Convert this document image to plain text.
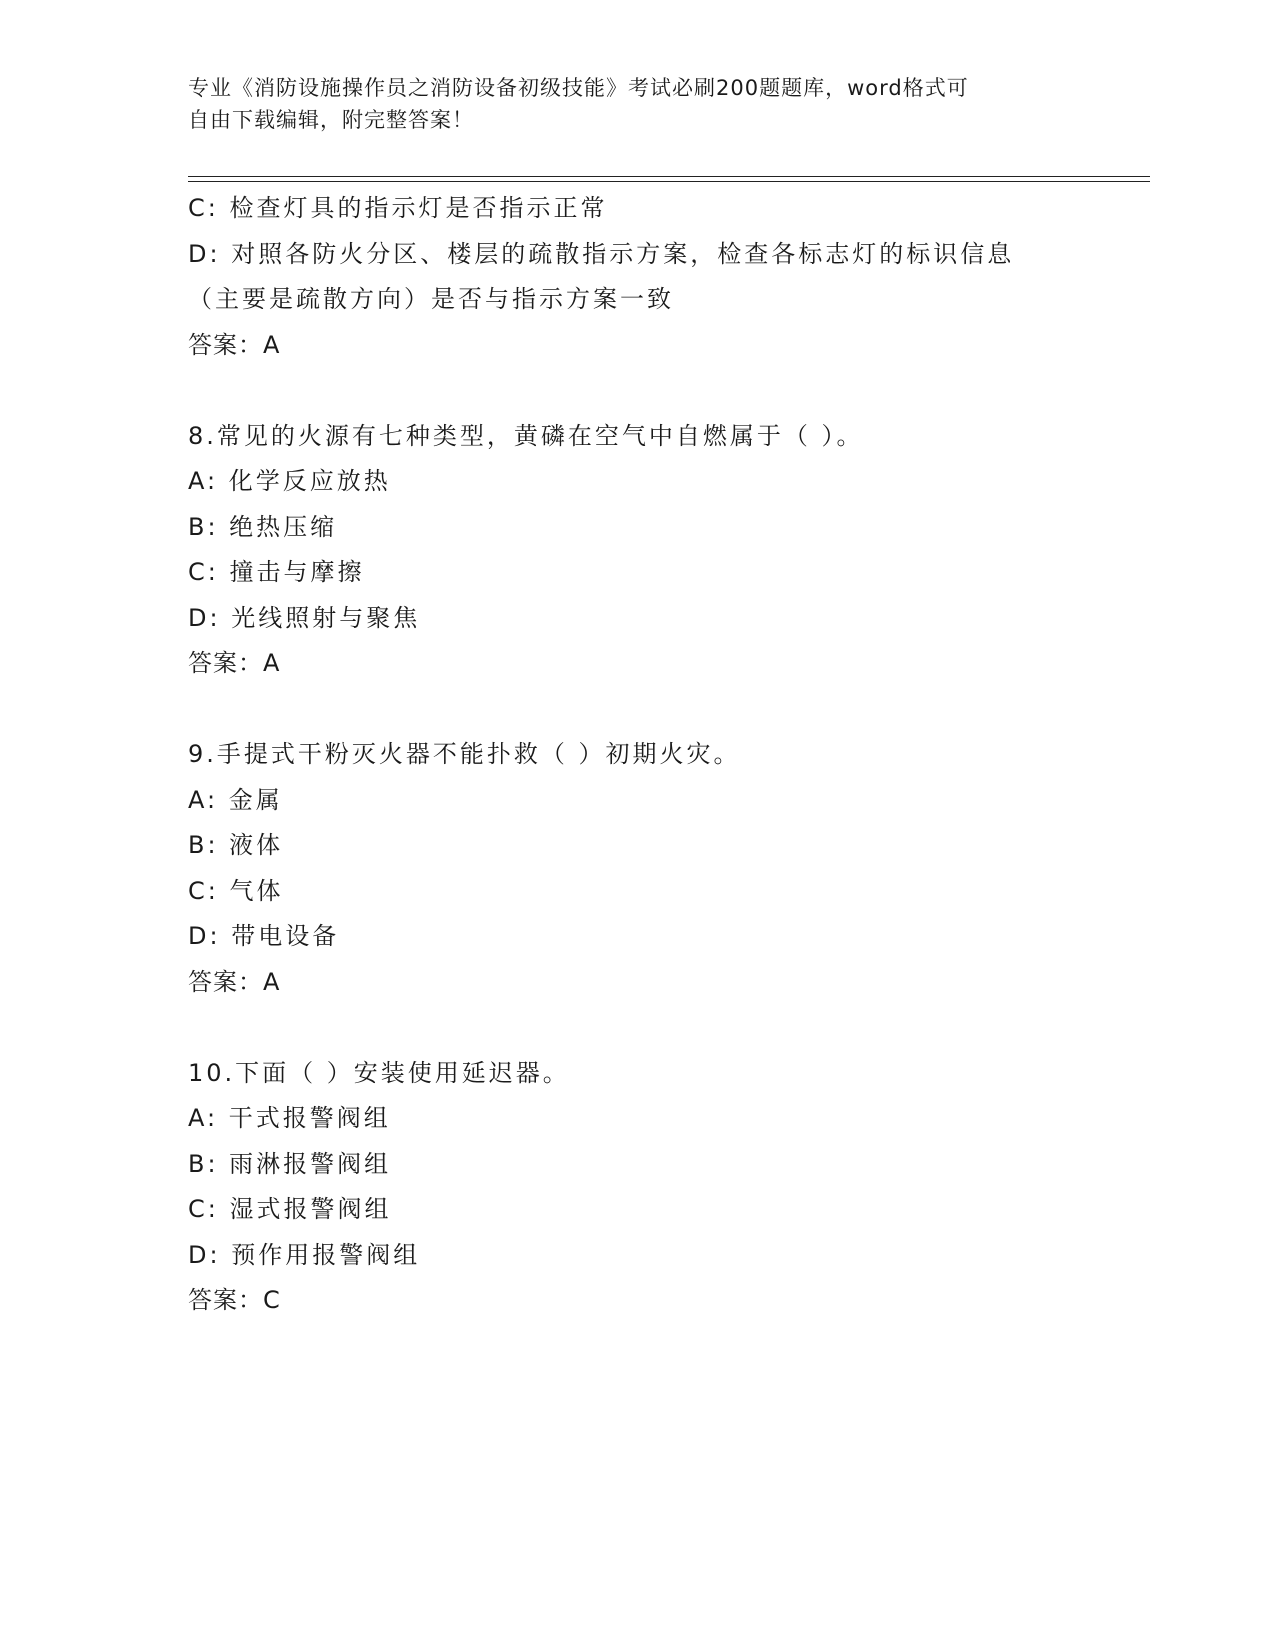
专业《消防设施操作员之消防设备初级技能》考试必刷200题题库，word格式可

自由下载编辑，附完整答案！

C: 检查灯具的指示灯是否指示正常
D: 对照各防火分区、楼层的疏散指示方案，检查各标志灯的标识信息
（主要是疏散方向）是否与指示方案一致
答案：A
8.常见的火源有七种类型，黄磷在空气中自燃属于（ ）。
A: 化学反应放热
B: 绝热压缩
C: 撞击与摩擦
D: 光线照射与聚焦
答案：A
9.手提式干粉灭火器不能扑救（ ）初期火灾。
A: 金属
B: 液体
C: 气体
D: 带电设备
答案：A
10.下面（ ）安装使用延迟器。
A: 干式报警阀组
B: 雨淋报警阀组
C: 湿式报警阀组
D: 预作用报警阀组
答案：C
